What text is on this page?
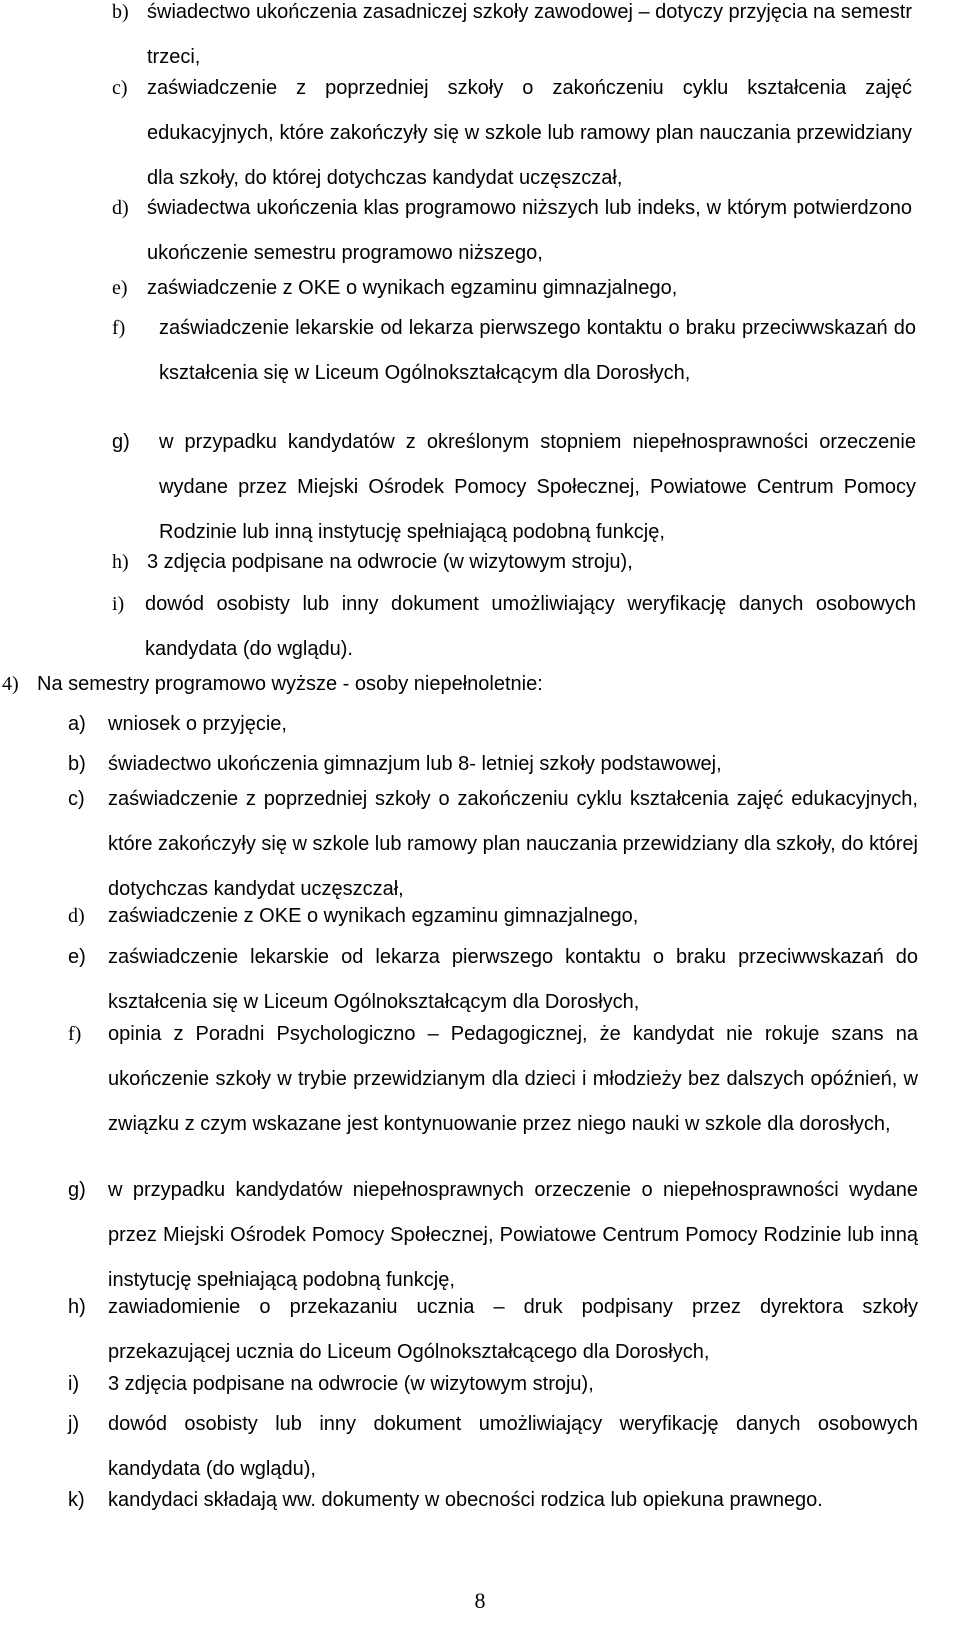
b) świadectwo ukończenia zasadniczej szkoły zawodowej – dotyczy przyjęcia na semestr trzeci,
c) zaświadczenie z poprzedniej szkoły o zakończeniu cyklu kształcenia zajęć edukacyjnych, które zakończyły się w szkole lub ramowy plan nauczania przewidziany dla szkoły, do której dotychczas kandydat uczęszczał,
d) świadectwa ukończenia klas programowo niższych lub indeks, w którym potwierdzono ukończenie semestru programowo niższego,
e) zaświadczenie z OKE o wynikach egzaminu gimnazjalnego,
f)	zaświadczenie lekarskie od lekarza pierwszego kontaktu o braku przeciwwskazań do kształcenia się w Liceum Ogólnokształcącym dla Dorosłych,
g)	w przypadku kandydatów z określonym stopniem niepełnosprawności orzeczenie wydane przez Miejski Ośrodek Pomocy Społecznej, Powiatowe Centrum Pomocy Rodzinie lub inną instytucję spełniającą podobną funkcję,
h) 3 zdjęcia podpisane na odwrocie (w wizytowym stroju),
i)	dowód osobisty lub inny dokument umożliwiający weryfikację danych osobowych kandydata (do wglądu).
4) Na semestry programowo wyższe - osoby niepełnoletnie:
a)	wniosek o przyjęcie,
b)	świadectwo ukończenia gimnazjum lub 8- letniej szkoły podstawowej,
c)	zaświadczenie z poprzedniej szkoły o zakończeniu cyklu kształcenia zajęć edukacyjnych, które zakończyły się w szkole lub ramowy plan nauczania przewidziany dla szkoły, do której dotychczas kandydat uczęszczał,
d)	zaświadczenie z OKE o wynikach egzaminu gimnazjalnego,
e)	zaświadczenie lekarskie od lekarza pierwszego kontaktu o braku przeciwwskazań do kształcenia się w Liceum Ogólnokształcącym dla Dorosłych,
f)	opinia z Poradni Psychologiczno – Pedagogicznej, że kandydat nie rokuje szans na ukończenie szkoły w trybie przewidzianym dla dzieci i młodzieży bez dalszych opóźnień, w związku z czym wskazane jest kontynuowanie przez niego nauki w szkole dla dorosłych,
g)	w przypadku kandydatów niepełnosprawnych orzeczenie o niepełnosprawności wydane przez Miejski Ośrodek Pomocy Społecznej, Powiatowe Centrum Pomocy Rodzinie lub inną instytucję spełniającą podobną funkcję,
h)	zawiadomienie o przekazaniu ucznia – druk podpisany przez dyrektora szkoły przekazującej ucznia do Liceum Ogólnokształcącego dla Dorosłych,
i)	3 zdjęcia podpisane na odwrocie (w wizytowym stroju),
j)	dowód osobisty lub inny dokument umożliwiający weryfikację danych osobowych kandydata (do wglądu),
k)	kandydaci składają ww. dokumenty w obecności rodzica lub opiekuna prawnego.
8
